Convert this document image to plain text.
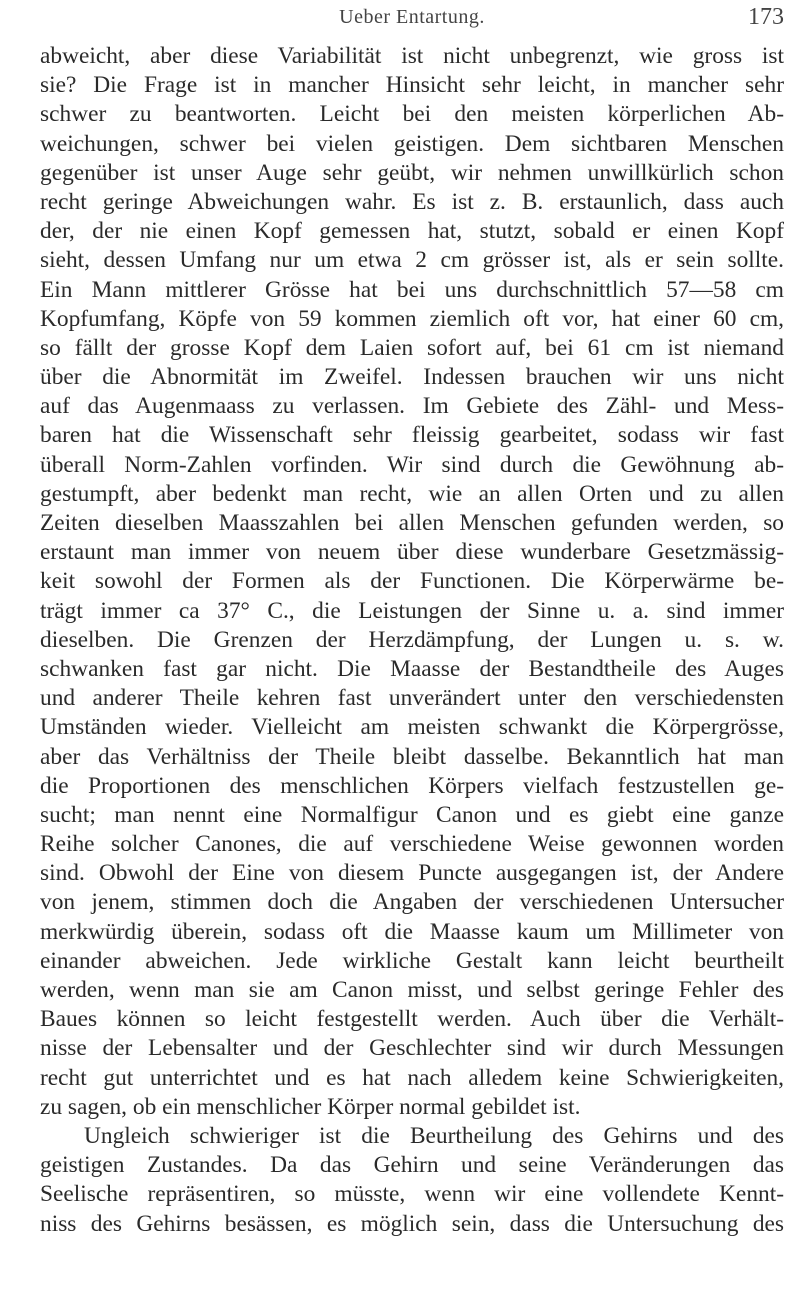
Ueber Entartung.	173
abweicht, aber diese Variabilität ist nicht unbegrenzt, wie gross ist
sie? Die Frage ist in mancher Hinsicht sehr leicht, in mancher sehr
schwer zu beantworten. Leicht bei den meisten körperlichen Ab-
weichungen, schwer bei vielen geistigen. Dem sichtbaren Menschen
gegenüber ist unser Auge sehr geübt, wir nehmen unwillkürlich schon
recht geringe Abweichungen wahr. Es ist z. B. erstaunlich, dass auch
der, der nie einen Kopf gemessen hat, stutzt, sobald er einen Kopf
sieht, dessen Umfang nur um etwa 2 cm grösser ist, als er sein sollte.
Ein Mann mittlerer Grösse hat bei uns durchschnittlich 57—58 cm
Kopfumfang, Köpfe von 59 kommen ziemlich oft vor, hat einer 60 cm,
so fällt der grosse Kopf dem Laien sofort auf, bei 61 cm ist niemand
über die Abnormität im Zweifel. Indessen brauchen wir uns nicht
auf das Augenmaass zu verlassen. Im Gebiete des Zähl- und Mess-
baren hat die Wissenschaft sehr fleissig gearbeitet, sodass wir fast
überall Norm-Zahlen vorfinden. Wir sind durch die Gewöhnung ab-
gestumpft, aber bedenkt man recht, wie an allen Orten und zu allen
Zeiten dieselben Maasszahlen bei allen Menschen gefunden werden, so
erstaunt man immer von neuem über diese wunderbare Gesetzmässig-
keit sowohl der Formen als der Functionen. Die Körperwärme be-
trägt immer ca 37° C., die Leistungen der Sinne u. a. sind immer
dieselben. Die Grenzen der Herzdämpfung, der Lungen u. s. w.
schwanken fast gar nicht. Die Maasse der Bestandtheile des Auges
und anderer Theile kehren fast unverändert unter den verschiedensten
Umständen wieder. Vielleicht am meisten schwankt die Körpergrösse,
aber das Verhältniss der Theile bleibt dasselbe. Bekanntlich hat man
die Proportionen des menschlichen Körpers vielfach festzustellen ge-
sucht; man nennt eine Normalfigur Canon und es giebt eine ganze
Reihe solcher Canones, die auf verschiedene Weise gewonnen worden
sind. Obwohl der Eine von diesem Puncte ausgegangen ist, der Andere
von jenem, stimmen doch die Angaben der verschiedenen Untersucher
merkwürdig überein, sodass oft die Maasse kaum um Millimeter von
einander abweichen. Jede wirkliche Gestalt kann leicht beurtheilt
werden, wenn man sie am Canon misst, und selbst geringe Fehler des
Baues können so leicht festgestellt werden. Auch über die Verhält-
nisse der Lebensalter und der Geschlechter sind wir durch Messungen
recht gut unterrichtet und es hat nach alledem keine Schwierigkeiten,
zu sagen, ob ein menschlicher Körper normal gebildet ist.
Ungleich schwieriger ist die Beurtheilung des Gehirns und des
geistigen Zustandes. Da das Gehirn und seine Veränderungen das
Seelische repräsentiren, so müsste, wenn wir eine vollendete Kennt-
niss des Gehirns besässen, es möglich sein, dass die Untersuchung des
